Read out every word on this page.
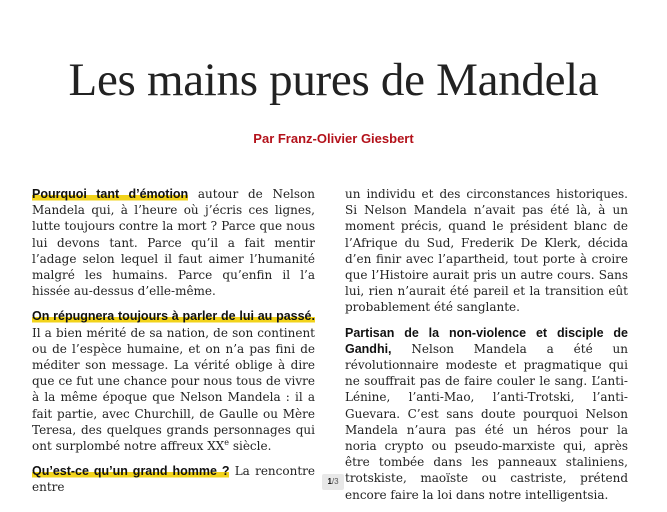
Les mains pures de Mandela
Par Franz-Olivier Giesbert

Pourquoi tant d’émotion autour de Nelson Mandela qui, à l’heure où j’écris ces lignes, lutte toujours contre la mort ? Parce que nous lui devons tant. Parce qu’il a fait mentir l’adage selon lequel il faut aimer l’humanité malgré les humains. Parce qu’enfin il l’a hissée au-dessus d’elle-même.

On répugnera toujours à parler de lui au passé. Il a bien mérité de sa nation, de son continent ou de l’espèce humaine, et on n’a pas fini de méditer son message. La vérité oblige à dire que ce fut une chance pour nous tous de vivre à la même époque que Nelson Mandela : il a fait partie, avec Churchill, de Gaulle ou Mère Teresa, des quelques grands personnages qui ont surplombé notre affreux XXe siècle.

Qu’est-ce qu’un grand homme ? La rencontre entre

un individu et des circonstances historiques. Si Nelson Mandela n’avait pas été là, à un moment précis, quand le président blanc de l’Afrique du Sud, Frederik De Klerk, décida d’en finir avec l’apartheid, tout porte à croire que l’Histoire aurait pris un autre cours. Sans lui, rien n’aurait été pareil et la transition eût probablement été sanglante.

Partisan de la non-violence et disciple de Gandhi, Nelson Mandela a été un révolutionnaire modeste et pragmatique qui ne souffrait pas de faire couler le sang. L’anti-Lénine, l’anti-Mao, l’anti-Trotski, l’anti-Guevara. C’est sans doute pourquoi Nelson Mandela n’aura pas été un héros pour la noria crypto ou pseudo-marxiste qui, après être tombée dans les panneaux staliniens, trotskiste, maoïste ou castriste, prétend encore faire la loi dans notre intelligentsia.

1/3
